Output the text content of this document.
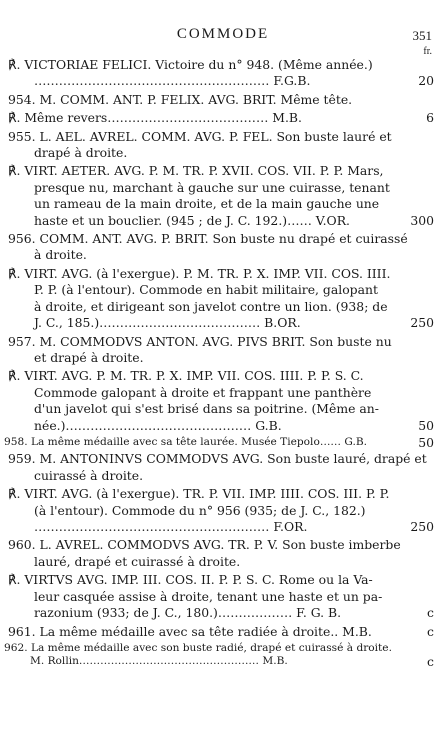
COMMODE	351
fr.
℟. VICTORIAE FELICI. Victoire du n° 948. (Même année.)
………………………………………………… F.G.B.	20
954. M. COMM. ANT. P. FELIX. AVG. BRIT. Même tête.
℟. Même revers………………………………… M.B.	6
955. L. AEL. AVREL. COMM. AVG. P. FEL. Son buste lauré et
drapé à droite.
℟. VIRT. AETER. AVG. P. M. TR. P. XVII. COS. VII. P. P. Mars,
presque nu, marchant à gauche sur une cuirasse, tenant
un rameau de la main droite, et de la main gauche une
haste et un bouclier. (945 ; de J. C. 192.)…… V.OR.	300
956. COMM. ANT. AVG. P. BRIT. Son buste nu drapé et cuirassé
à droite.
℟. VIRT. AVG. (à l'exergue). P. M. TR. P. X. IMP. VII. COS. IIII.
P. P. (à l'entour). Commode en habit militaire, galopant
à droite, et dirigeant son javelot contre un lion. (938; de
J. C., 185.)………………………………… B.OR.	250
957. M. COMMODVS ANTON. AVG. PIVS BRIT. Son buste nu
et drapé à droite.
℟. VIRT. AVG. P. M. TR. P. X. IMP. VII. COS. IIII. P. P. S. C.
Commode galopant à droite et frappant une panthère
d'un javelot qui s'est brisé dans sa poitrine. (Même an-
née.)……………………………………… G.B.	50
958. La même médaille avec sa tête laurée. Musée Tiepolo…… G.B.	50
959. M. ANTONINVS COMMODVS AVG. Son buste lauré, drapé et
cuirassé à droite.
℟. VIRT. AVG. (à l'exergue). TR. P. VII. IMP. IIII. COS. III. P. P.
(à l'entour). Commode du n° 956 (935; de J. C., 182.)
………………………………………………… F.OR.	250
960. L. AVREL. COMMODVS AVG. TR. P. V. Son buste imberbe
lauré, drapé et cuirassé à droite.
℟. VIRTVS AVG. IMP. III. COS. II. P. P. S. C. Rome ou la Va-
leur casquée assise à droite, tenant une haste et un pa-
razonium (933; de J. C., 180.)……………… F. G. B.	c
961. La même médaille avec sa tête radiée à droite.. M.B.	c
962. La même médaille avec son buste radié, drapé et cuirassé à droite.
M. Rollin…………………………………………… M.B.	c
